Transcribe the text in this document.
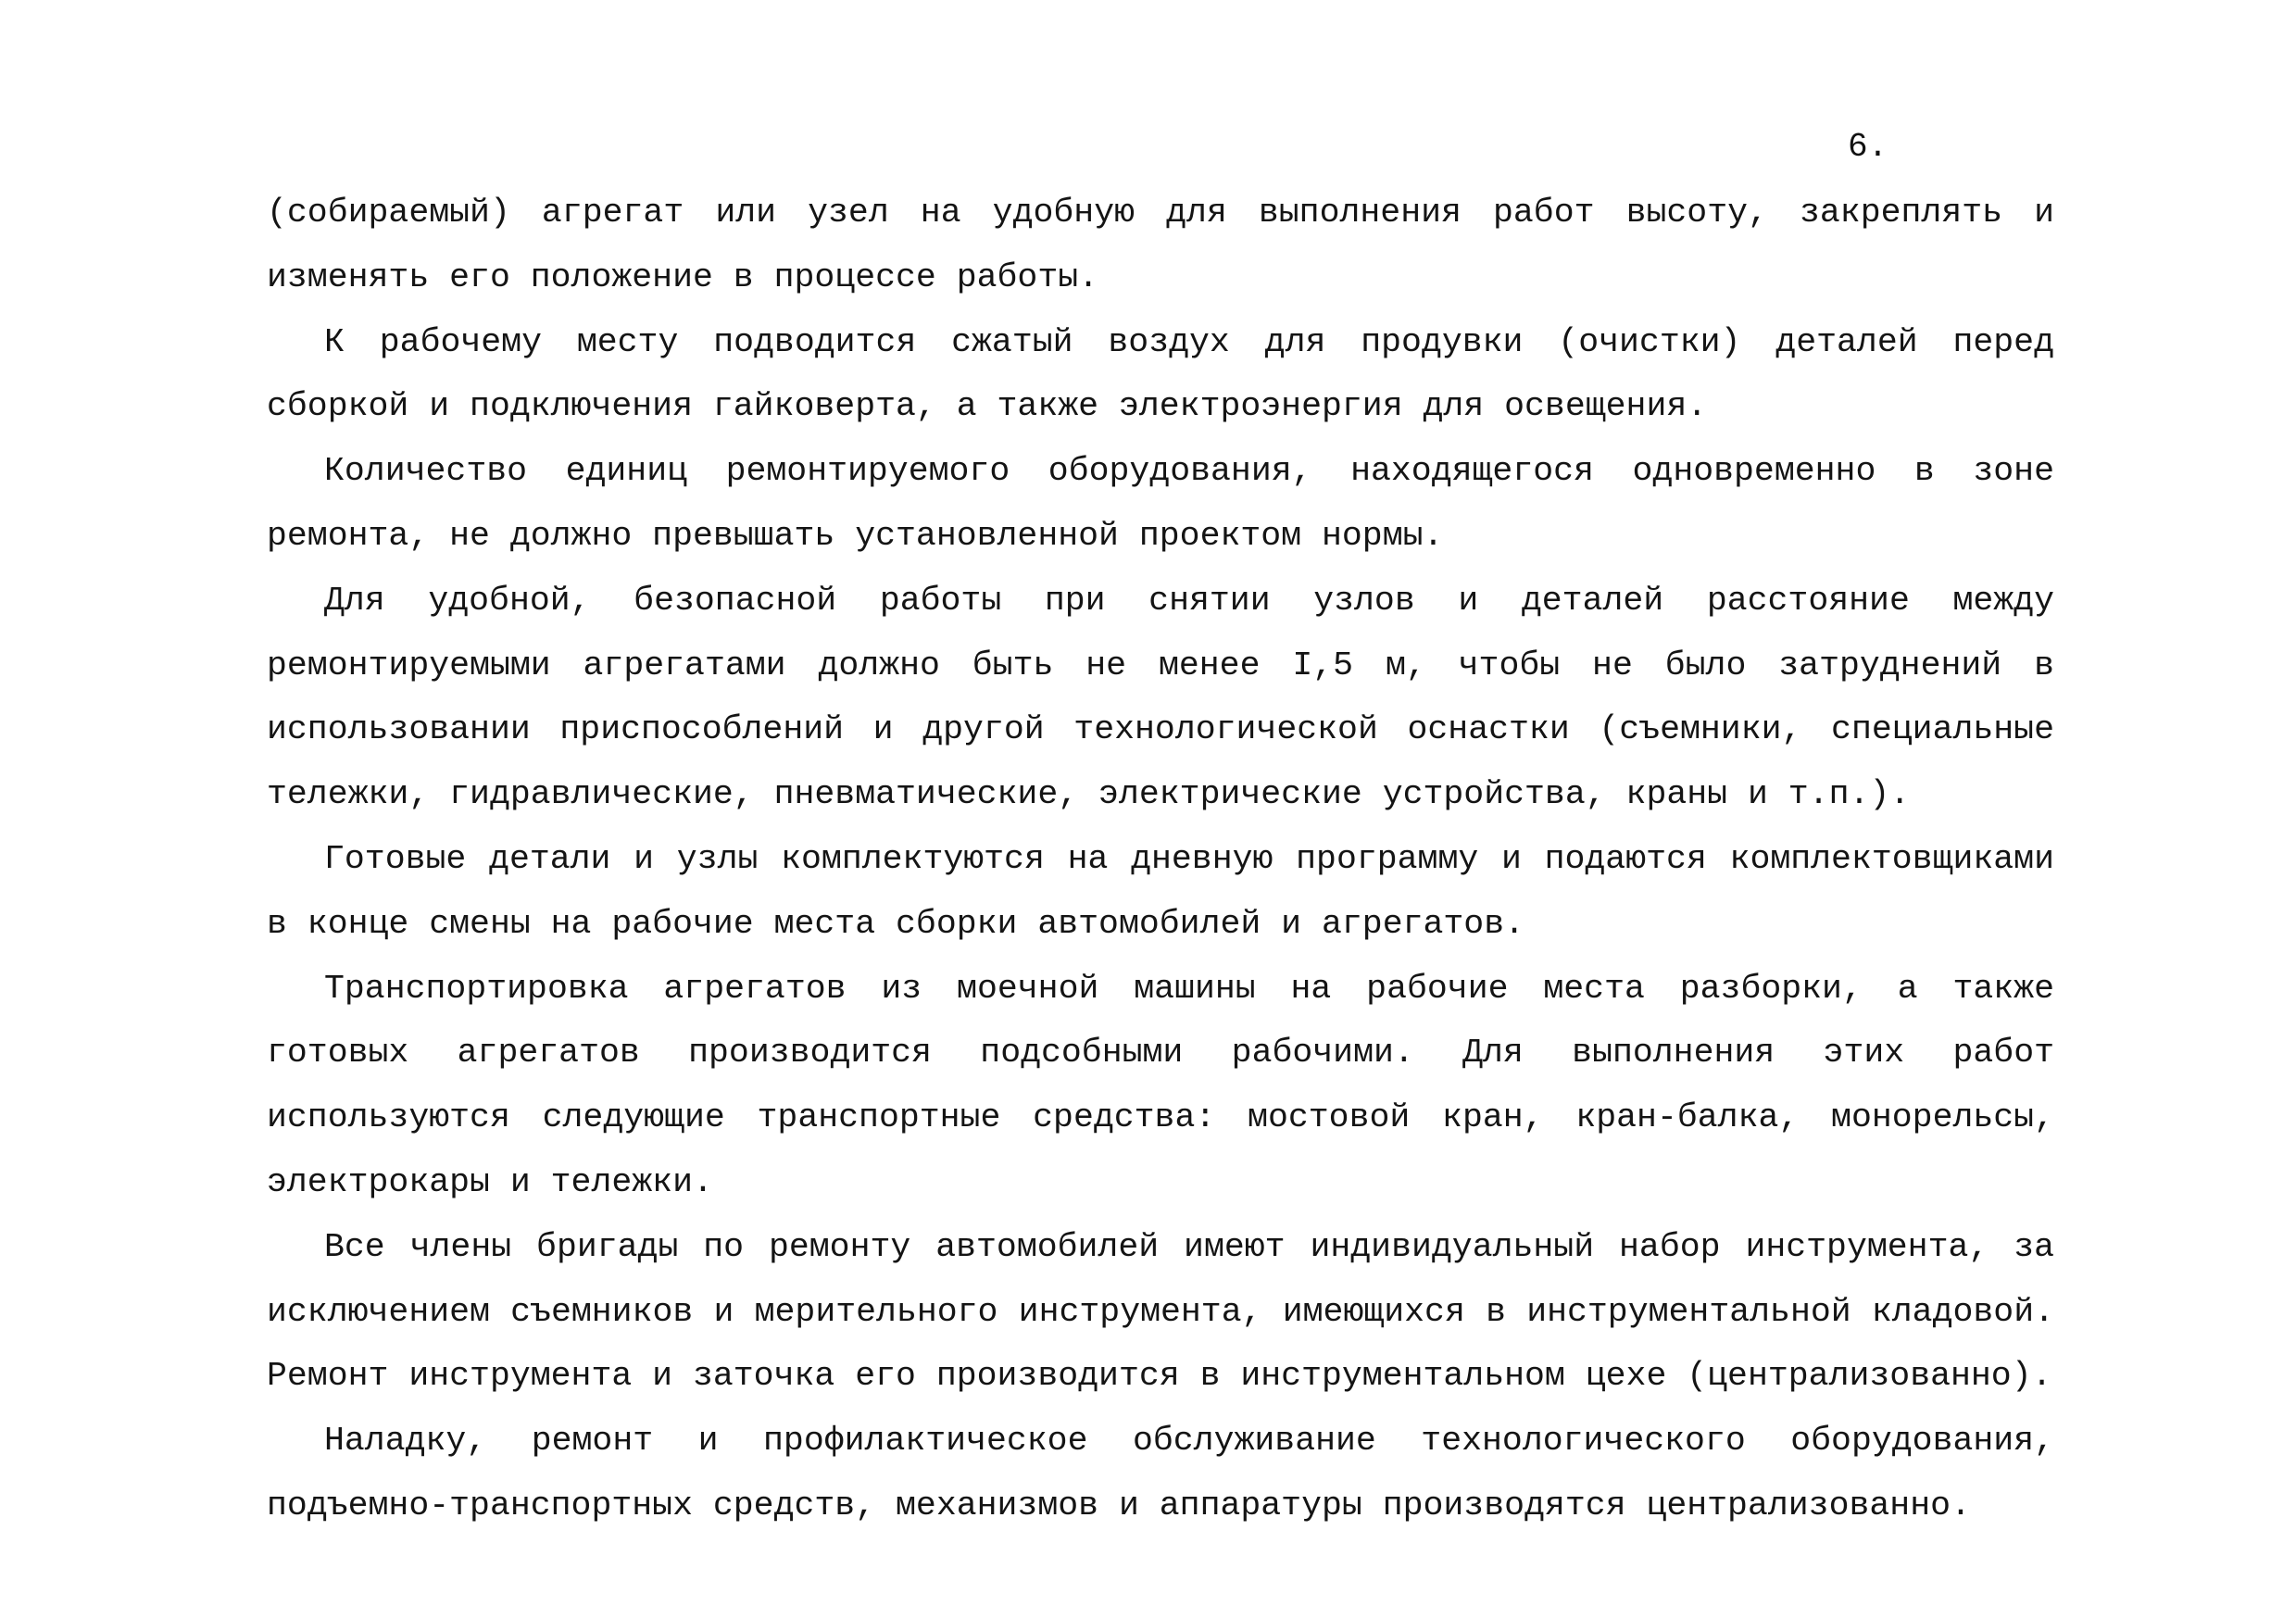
6.

(собираемый) агрегат или узел на удобную для выполнения работ высоту, закреплять и изменять его положение в процессе работы.

К рабочему месту подводится сжатый воздух для продувки (очистки) деталей перед сборкой и подключения гайковерта, а также электроэнергия для освещения.

Количество единиц ремонтируемого оборудования, находящегося одновременно в зоне ремонта, не должно превышать установленной проектом нормы.

Для удобной, безопасной работы при снятии узлов и деталей расстояние между ремонтируемыми агрегатами должно быть не менее I,5 м, чтобы не было затруднений в использовании приспособлений и другой технологической оснастки (съемники, специальные тележки, гидравлические, пневматические, электрические устройства, краны и т.п.).

Готовые детали и узлы комплектуются на дневную программу и подаются комплектовщиками в конце смены на рабочие места сборки автомобилей и агрегатов.

Транспортировка агрегатов из моечной машины на рабочие места разборки, а также готовых агрегатов производится подсобными рабочими. Для выполнения этих работ используются следующие транспортные средства: мостовой кран, кран-балка, монорельсы, электрокары и тележки.

Все члены бригады по ремонту автомобилей имеют индивидуальный набор инструмента, за исключением съемников и мерительного инструмента, имеющихся в инструментальной кладовой. Ремонт инструмента и заточка его производится в инструментальном цехе (централизованно).

Наладку, ремонт и профилактическое обслуживание технологического оборудования, подъемно-транспортных средств, механизмов и аппаратуры производятся централизованно.
